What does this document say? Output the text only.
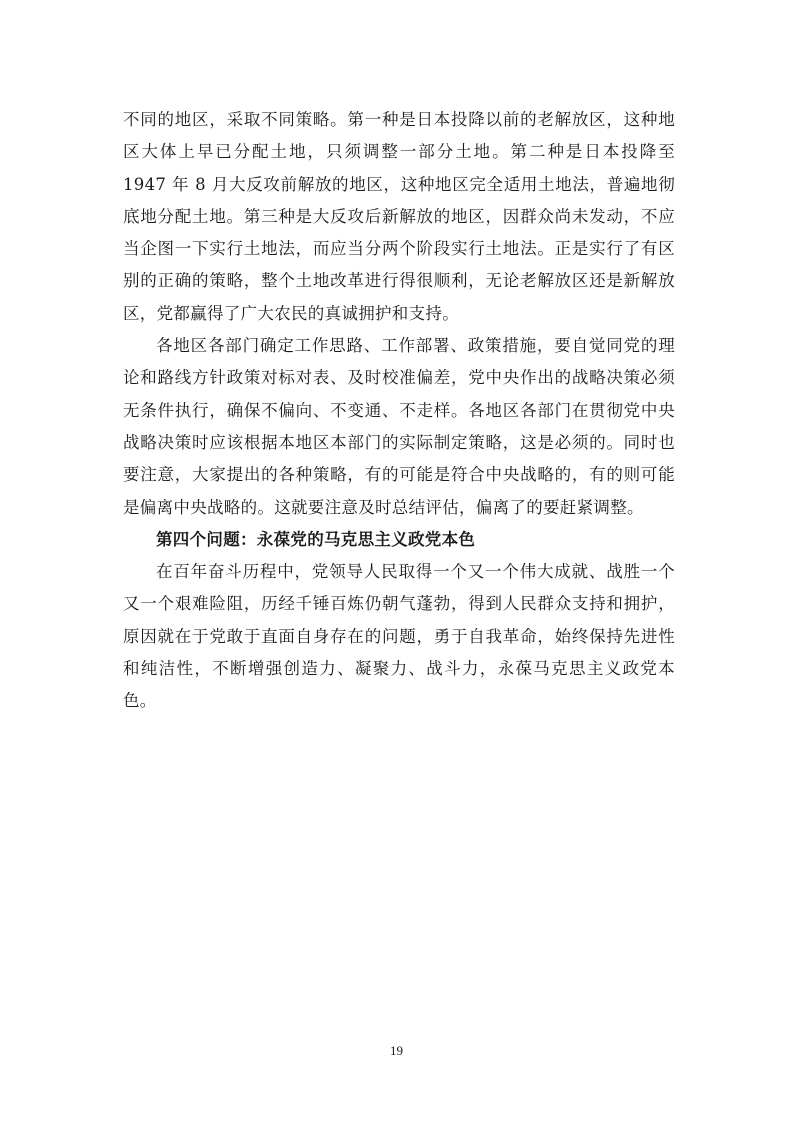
不同的地区，采取不同策略。第一种是日本投降以前的老解放区，这种地区大体上早已分配土地，只须调整一部分土地。第二种是日本投降至 1947 年 8 月大反攻前解放的地区，这种地区完全适用土地法，普遍地彻底地分配土地。第三种是大反攻后新解放的地区，因群众尚未发动，不应当企图一下实行土地法，而应当分两个阶段实行土地法。正是实行了有区别的正确的策略，整个土地改革进行得很顺利，无论老解放区还是新解放区，党都赢得了广大农民的真诚拥护和支持。

各地区各部门确定工作思路、工作部署、政策措施，要自觉同党的理论和路线方针政策对标对表、及时校准偏差，党中央作出的战略决策必须无条件执行，确保不偏向、不变通、不走样。各地区各部门在贯彻党中央战略决策时应该根据本地区本部门的实际制定策略，这是必须的。同时也要注意，大家提出的各种策略，有的可能是符合中央战略的，有的则可能是偏离中央战略的。这就要注意及时总结评估，偏离了的要赶紧调整。

第四个问题：永葆党的马克思主义政党本色

在百年奋斗历程中，党领导人民取得一个又一个伟大成就、战胜一个又一个艰难险阻，历经千锤百炼仍朝气蓬勃，得到人民群众支持和拥护，原因就在于党敢于直面自身存在的问题，勇于自我革命，始终保持先进性和纯洁性，不断增强创造力、凝聚力、战斗力，永葆马克思主义政党本色。

19
